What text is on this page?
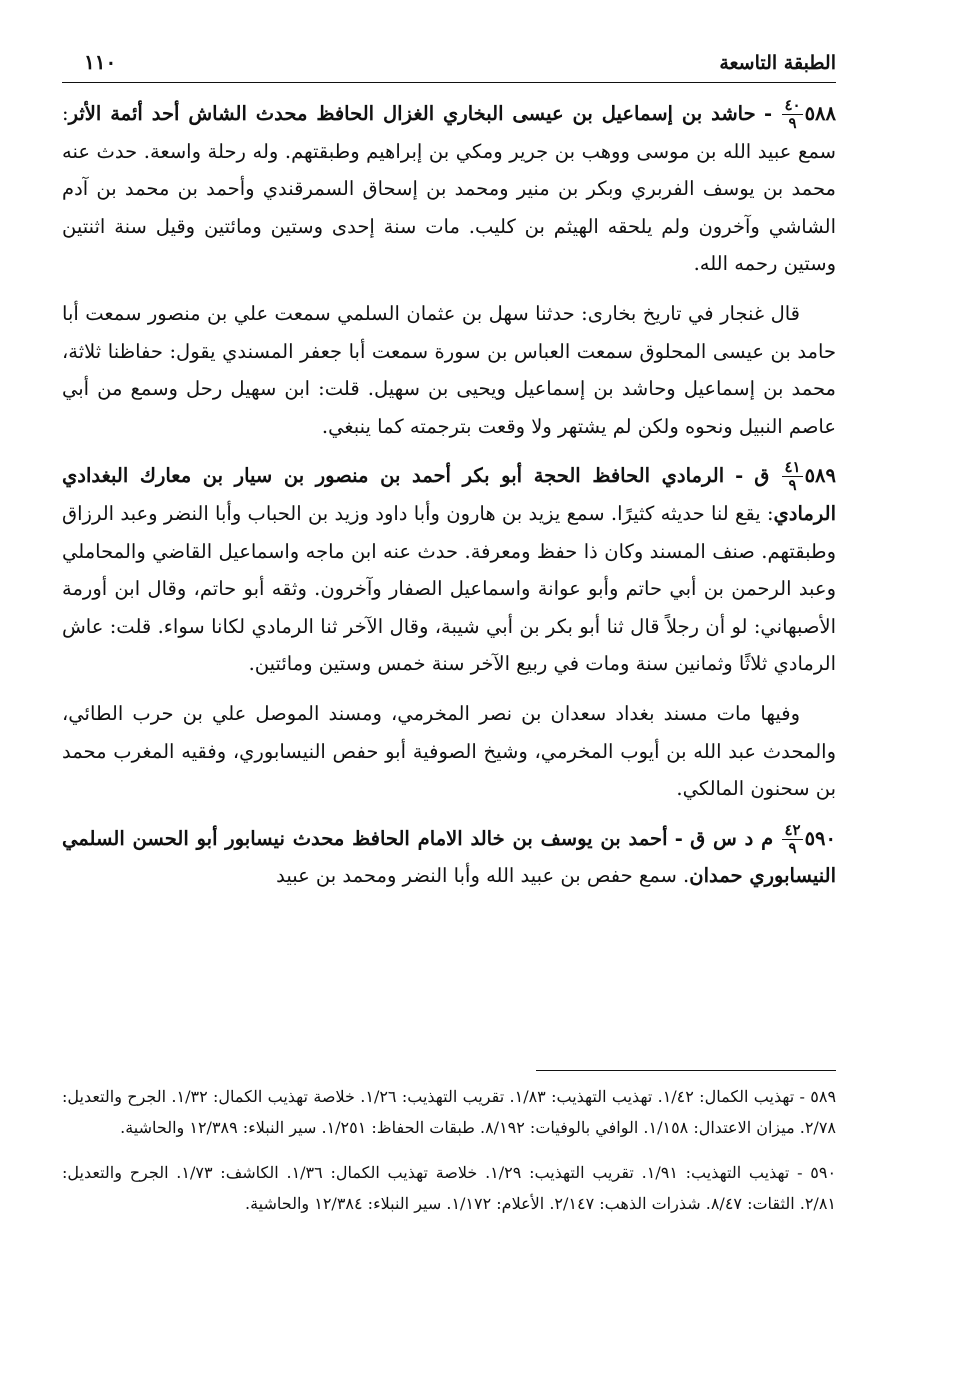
الطبقة التاسعة
١١٠

٥٨٨
$\frac{٤٠}{٩}$
- حاشد بن إسماعيل بن عيسى البخاري الغزال الحافظ محدث الشاش أحد أئمة الأثر: سمع عبيد الله بن موسى ووهب بن جرير ومكي بن إبراهيم وطبقتهم. وله رحلة واسعة. حدث عنه محمد بن يوسف الفربري وبكر بن منير ومحمد بن إسحاق السمرقندي وأحمد بن محمد بن آدم الشاشي وآخرون ولم يلحقه الهيثم بن كليب. مات سنة إحدى وستين ومائتين وقيل سنة اثنتين وستين رحمه الله.

قال غنجار في تاريخ بخارى: حدثنا سهل بن عثمان السلمي سمعت علي بن منصور سمعت أبا حامد بن عيسى المحلوق سمعت العباس بن سورة سمعت أبا جعفر المسندي يقول: حفاظنا ثلاثة، محمد بن إسماعيل وحاشد بن إسماعيل ويحيى بن سهيل. قلت: ابن سهيل رحل وسمع من أبي عاصم النبيل ونحوه ولكن لم يشتهر ولا وقعت بترجمته كما ينبغي.

٥٨٩
$\frac{٤١}{٩}$
ق - الرمادي الحافظ الحجة أبو بكر أحمد بن منصور بن سيار بن معارك البغدادي الرمادي: يقع لنا حديثه كثيرًا. سمع يزيد بن هارون وأبا داود وزيد بن الحباب وأبا النضر وعبد الرزاق وطبقتهم. صنف المسند وكان ذا حفظ ومعرفة. حدث عنه ابن ماجه واسماعيل القاضي والمحاملي وعبد الرحمن بن أبي حاتم وأبو عوانة واسماعيل الصفار وآخرون. وثقه أبو حاتم، وقال ابن أورمة الأصبهاني: لو أن رجلاً قال ثنا أبو بكر بن أبي شيبة، وقال الآخر ثنا الرمادي لكانا سواء. قلت: عاش الرمادي ثلاثًا وثمانين سنة ومات في ربيع الآخر سنة خمس وستين ومائتين.

وفيها مات مسند بغداد سعدان بن نصر المخرمي، ومسند الموصل علي بن حرب الطائي، والمحدث عبد الله بن أيوب المخرمي، وشيخ الصوفية أبو حفص النيسابوري، وفقيه المغرب محمد بن سحنون المالكي.

٥٩٠
$\frac{٤٢}{٩}$
م د س ق - أحمد بن يوسف بن خالد الامام الحافظ محدث نيسابور أبو الحسن السلمي النيسابوري حمدان. سمع حفص بن عبيد الله وأبا النضر ومحمد بن عبيد

٥٨٩ - تهذيب الكمال: ١/٤٢. تهذيب التهذيب: ١/٨٣. تقريب التهذيب: ١/٢٦. خلاصة تهذيب الكمال: ١/٣٢. الجرح والتعديل: ٢/٧٨. ميزان الاعتدال: ١/١٥٨. الوافي بالوفيات: ٨/١٩٢. طبقات الحفاظ: ١/٢٥١. سير النبلاء: ١٢/٣٨٩ والحاشية.

٥٩٠ - تهذيب التهذيب: ١/٩١. تقريب التهذيب: ١/٢٩. خلاصة تهذيب الكمال: ١/٣٦. الكاشف: ١/٧٣. الجرح والتعديل: ٢/٨١. الثقات: ٨/٤٧. شذرات الذهب: ٢/١٤٧. الأعلام: ١/١٧٢. سير النبلاء: ١٢/٣٨٤ والحاشية.
